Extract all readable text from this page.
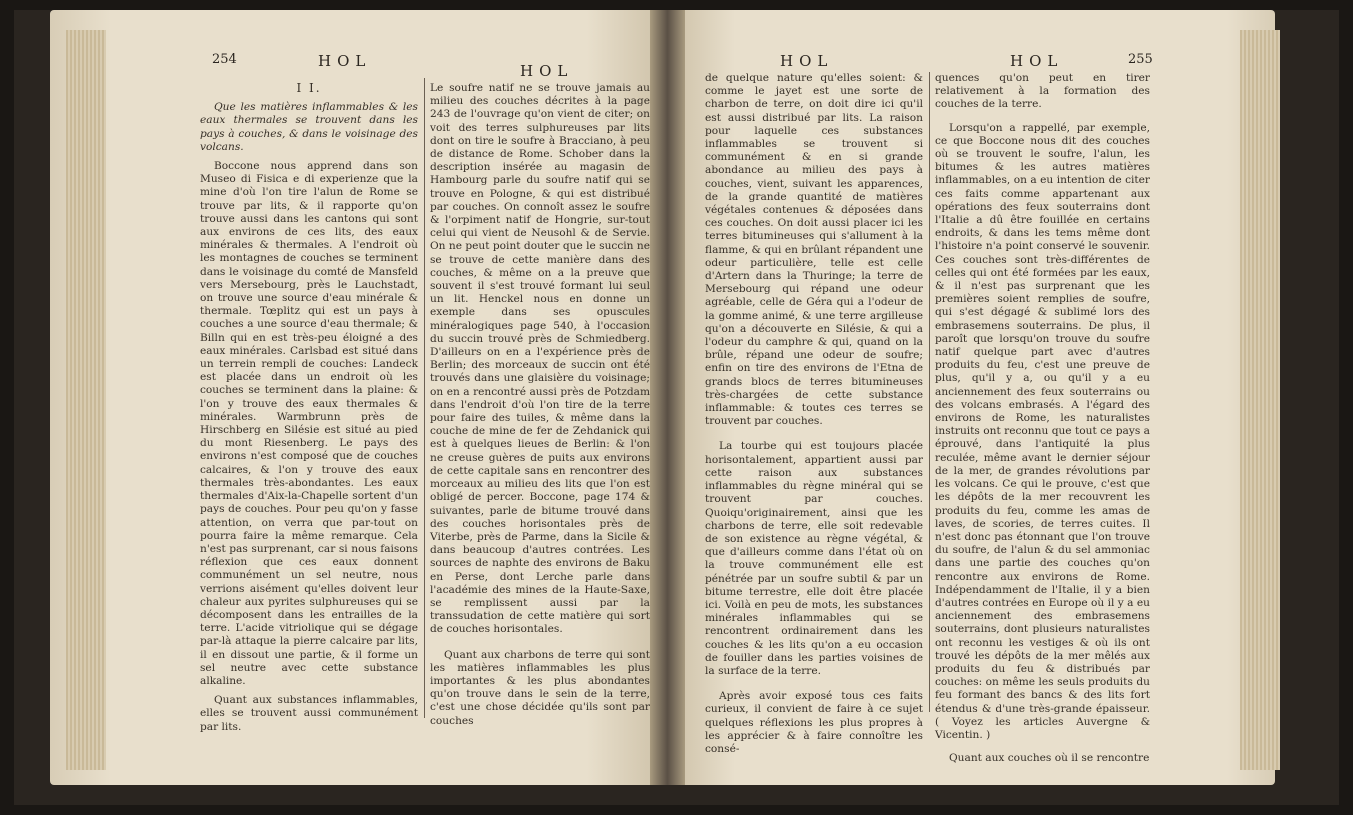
254	HOL
HOL
I I.

Que les matières inflammables & les eaux thermales se trouvent dans les pays à couches, & dans le voisinage des volcans.

Boccone nous apprend dans son Museo di Fisica e di experienze que la mine d'où l'on tire l'alun de Rome se trouve par lits, & il rapporte qu'on trouve aussi dans les cantons qui sont aux environs de ces lits, des eaux minérales & thermales. A l'endroit où les montagnes de couches se terminent dans le voisinage du comté de Mansfeld vers Mersebourg, près le Lauchstadt, on trouve une source d'eau minérale & thermale. Tœplitz qui est un pays à couches a une source d'eau thermale; & Billn qui en est très-peu éloigné a des eaux minérales. Carlsbad est situé dans un terrein rempli de couches: Landeck est placée dans un endroit où les couches se terminent dans la plaine: & l'on y trouve des eaux thermales & minérales. Warmbrunn près de Hirschberg en Silésie est situé au pied du mont Riesenberg. Le pays des environs n'est composé que de couches calcaires, & l'on y trouve des eaux thermales très-abondantes. Les eaux thermales d'Aix-la-Chapelle sortent d'un pays de couches. Pour peu qu'on y fasse attention, on verra que par-tout on pourra faire la même remarque. Cela n'est pas surprenant, car si nous faisons réflexion que ces eaux donnent communément un sel neutre, nous verrions aisément qu'elles doivent leur chaleur aux pyrites sulphureuses qui se décomposent dans les entrailles de la terre. L'acide vitriolique qui se dégage par-là attaque la pierre calcaire par lits, il en dissout une partie, & il forme un sel neutre avec cette substance alkaline.

Quant aux substances inflammables, elles se trouvent aussi communément par lits.

Le soufre natif ne se trouve jamais au milieu des couches décrites à la page 243 de l'ouvrage qu'on vient de citer; on voit des terres sulphureuses par lits dont on tire le soufre à Bracciano, à peu de distance de Rome. Schober dans la description insérée au magasin de Hambourg parle du soufre natif qui se trouve en Pologne, & qui est distribué par couches. On connoît assez le soufre & l'orpiment natif de Hongrie, sur-tout celui qui vient de Neusohl & de Servie. On ne peut point douter que le succin ne se trouve de cette manière dans des couches, & même on a la preuve que souvent il s'est trouvé formant lui seul un lit. Henckel nous en donne un exemple dans ses opuscules minéralogiques page 540, à l'occasion du succin trouvé près de Schmiedberg. D'ailleurs on en a l'expérience près de Berlin; des morceaux de succin ont été trouvés dans une glaisière du voisinage; on en a rencontré aussi près de Potzdam dans l'endroit d'où l'on tire de la terre pour faire des tuiles, & même dans la couche de mine de fer de Zehdanick qui est à quelques lieues de Berlin: & l'on ne creuse guères de puits aux environs de cette capitale sans en rencontrer des morceaux au milieu des lits que l'on est obligé de percer. Boccone, page 174 & suivantes, parle de bitume trouvé dans des couches horisontales près de Viterbe, près de Parme, dans la Sicile & dans beaucoup d'autres contrées. Les sources de naphte des environs de Baku en Perse, dont Lerche parle dans l'académie des mines de la Haute-Saxe, se remplissent aussi par la transsudation de cette matière qui sort de couches horisontales.

Quant aux charbons de terre qui sont les matières inflammables les plus importantes & les plus abondantes qu'on trouve dans le sein de la terre, c'est une chose décidée qu'ils sont par couches

HOL	HOL	255

de quelque nature qu'elles soient: & comme le jayet est une sorte de charbon de terre, on doit dire ici qu'il est aussi distribué par lits. La raison pour laquelle ces substances inflammables se trouvent si communément & en si grande abondance au milieu des pays à couches, vient, suivant les apparences, de la grande quantité de matières végétales contenues & déposées dans ces couches. On doit aussi placer ici les terres bitumineuses qui s'allument à la flamme, & qui en brûlant répandent une odeur particulière, telle est celle d'Artern dans la Thuringe; la terre de Mersebourg qui répand une odeur agréable, celle de Géra qui a l'odeur de la gomme animé, & une terre argilleuse qu'on a découverte en Silésie, & qui a l'odeur du camphre & qui, quand on la brûle, répand une odeur de soufre; enfin on tire des environs de l'Etna de grands blocs de terres bitumineuses très-chargées de cette substance inflammable: & toutes ces terres se trouvent par couches.

La tourbe qui est toujours placée horisontalement, appartient aussi par cette raison aux substances inflammables du règne minéral qui se trouvent par couches. Quoiqu'originairement, ainsi que les charbons de terre, elle soit redevable de son existence au règne végétal, & que d'ailleurs comme dans l'état où on la trouve communément elle est pénétrée par un soufre subtil & par un bitume terrestre, elle doit être placée ici. Voilà en peu de mots, les substances minérales inflammables qui se rencontrent ordinairement dans les couches & les lits qu'on a eu occasion de fouiller dans les parties voisines de la surface de la terre.

Après avoir exposé tous ces faits curieux, il convient de faire à ce sujet quelques réflexions les plus propres à les apprécier & à faire connoître les consé-

quences qu'on peut en tirer relativement à la formation des couches de la terre.

Lorsqu'on a rappellé, par exemple, ce que Boccone nous dit des couches où se trouvent le soufre, l'alun, les bitumes & les autres matières inflammables, on a eu intention de citer ces faits comme appartenant aux opérations des feux souterrains dont l'Italie a dû être fouillée en certains endroits, & dans les tems même dont l'histoire n'a point conservé le souvenir. Ces couches sont très-différentes de celles qui ont été formées par les eaux, & il n'est pas surprenant que les premières soient remplies de soufre, qui s'est dégagé & sublimé lors des embrasemens souterrains. De plus, il paroît que lorsqu'on trouve du soufre natif quelque part avec d'autres produits du feu, c'est une preuve de plus, qu'il y a, ou qu'il y a eu anciennement des feux souterrains ou des volcans embrasés. A l'égard des environs de Rome, les naturalistes instruits ont reconnu que tout ce pays a éprouvé, dans l'antiquité la plus reculée, même avant le dernier séjour de la mer, de grandes révolutions par les volcans. Ce qui le prouve, c'est que les dépôts de la mer recouvrent les produits du feu, comme les amas de laves, de scories, de terres cuites. Il n'est donc pas étonnant que l'on trouve du soufre, de l'alun & du sel ammoniac dans une partie des couches qu'on rencontre aux environs de Rome. Indépendamment de l'Italie, il y a bien d'autres contrées en Europe où il y a eu anciennement des embrasemens souterrains, dont plusieurs naturalistes ont reconnu les vestiges & où ils ont trouvé les dépôts de la mer mêlés aux produits du feu & distribués par couches: on même les seuls produits du feu formant des bancs & des lits fort étendus & d'une très-grande épaisseur. ( Voyez les articles Auvergne & Vicentin. )

Quant aux couches où il se rencontre
